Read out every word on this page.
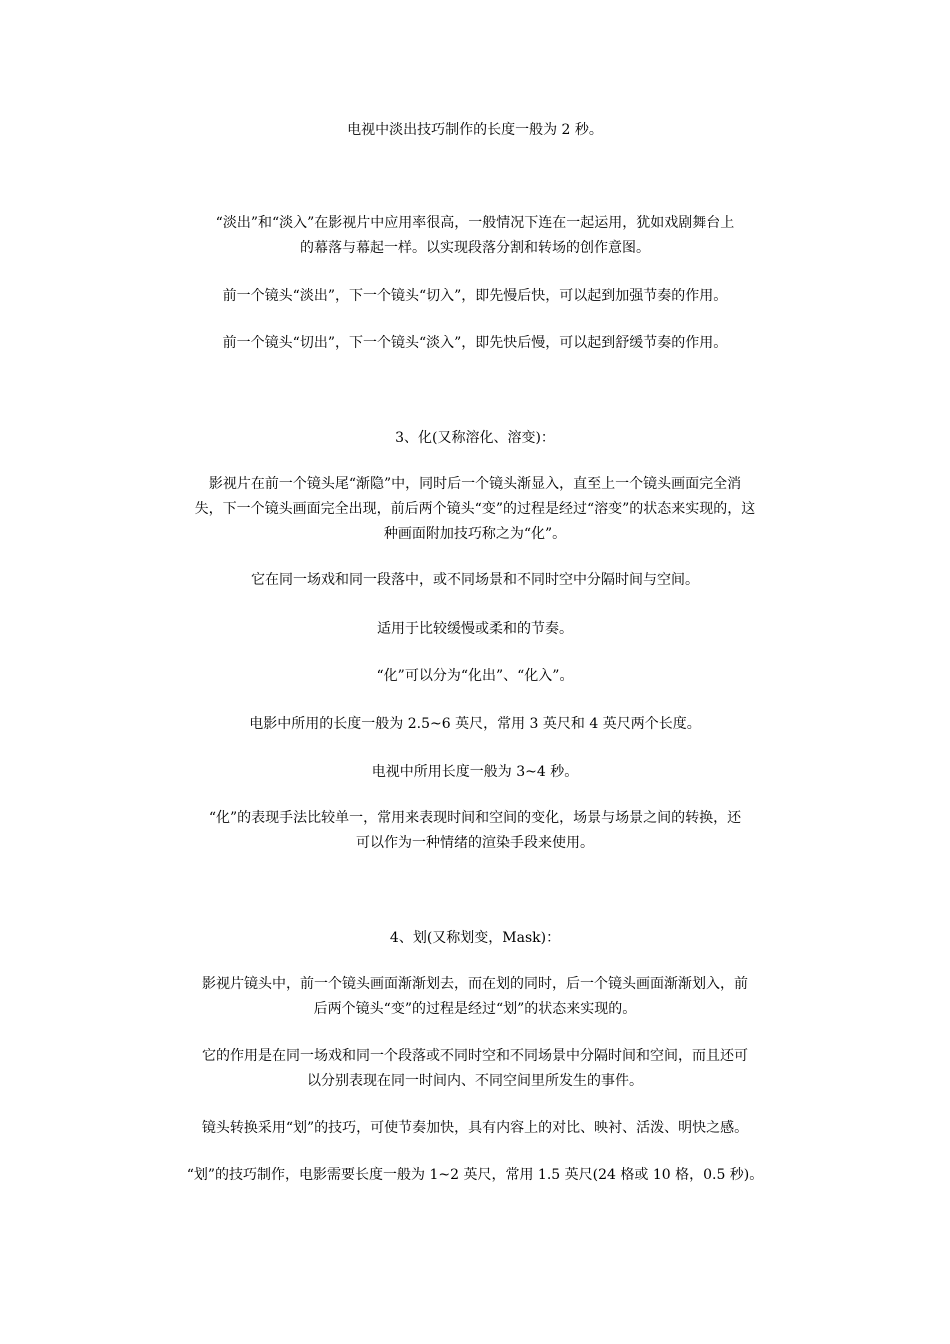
电视中淡出技巧制作的长度一般为 2 秒。

“淡出”和“淡入”在影视片中应用率很高，一般情况下连在一起运用，犹如戏剧舞台上
的幕落与幕起一样。以实现段落分割和转场的创作意图。

前一个镜头“淡出”，下一个镜头“切入”，即先慢后快，可以起到加强节奏的作用。

前一个镜头“切出”，下一个镜头“淡入”，即先快后慢，可以起到舒缓节奏的作用。

3、化(又称溶化、溶变)：

影视片在前一个镜头尾“渐隐”中，同时后一个镜头渐显入，直至上一个镜头画面完全消
失，下一个镜头画面完全出现，前后两个镜头“变”的过程是经过“溶变”的状态来实现的，这
种画面附加技巧称之为“化”。

它在同一场戏和同一段落中，或不同场景和不同时空中分隔时间与空间。

适用于比较缓慢或柔和的节奏。

“化”可以分为“化出”、“化入”。

电影中所用的长度一般为 2.5~6 英尺，常用 3 英尺和 4 英尺两个长度。

电视中所用长度一般为 3~4 秒。

“化”的表现手法比较单一，常用来表现时间和空间的变化，场景与场景之间的转换，还
可以作为一种情绪的渲染手段来使用。

4、划(又称划变，Mask)：

影视片镜头中，前一个镜头画面渐渐划去，而在划的同时，后一个镜头画面渐渐划入，前
后两个镜头“变”的过程是经过“划”的状态来实现的。

它的作用是在同一场戏和同一个段落或不同时空和不同场景中分隔时间和空间，而且还可
以分别表现在同一时间内、不同空间里所发生的事件。

镜头转换采用“划”的技巧，可使节奏加快，具有内容上的对比、映衬、活泼、明快之感。

“划”的技巧制作，电影需要长度一般为 1~2 英尺，常用 1.5 英尺(24 格或 10 格，0.5 秒)。
